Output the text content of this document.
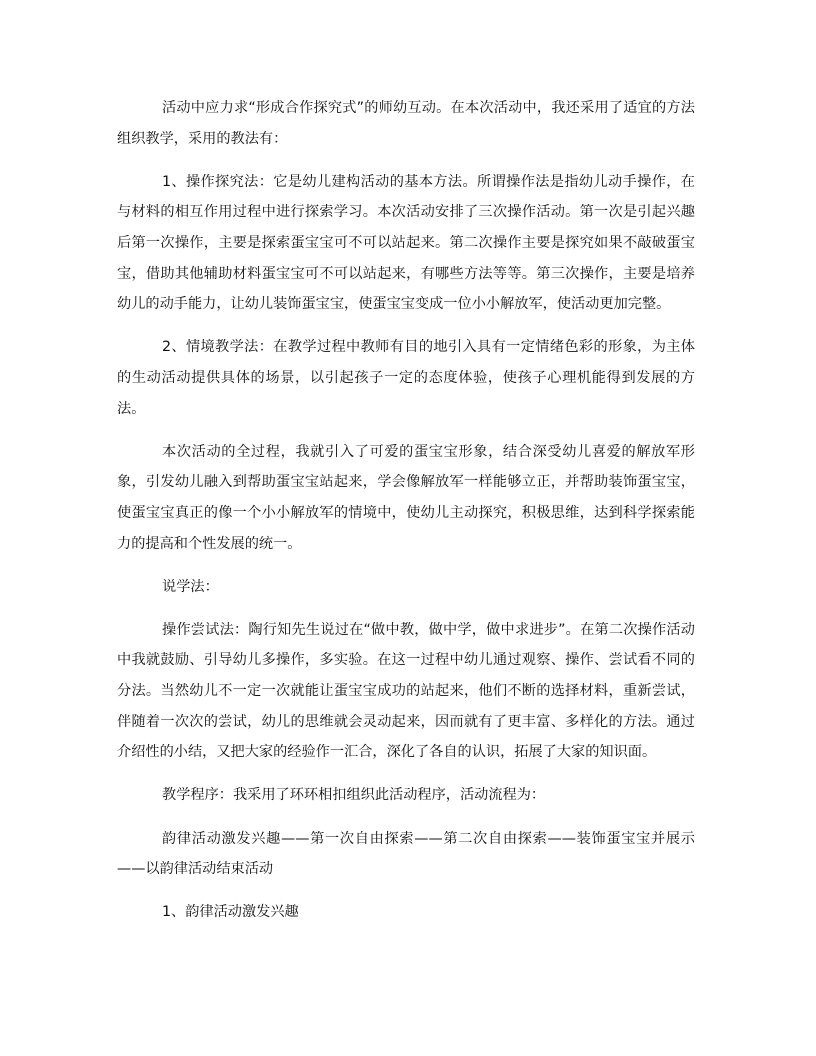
活动中应力求“形成合作探究式”的师幼互动。在本次活动中，我还采用了适宜的方法组织教学，采用的教法有：

1、操作探究法：它是幼儿建构活动的基本方法。所谓操作法是指幼儿动手操作，在与材料的相互作用过程中进行探索学习。本次活动安排了三次操作活动。第一次是引起兴趣后第一次操作，主要是探索蛋宝宝可不可以站起来。第二次操作主要是探究如果不敲破蛋宝宝，借助其他辅助材料蛋宝宝可不可以站起来，有哪些方法等等。第三次操作，主要是培养幼儿的动手能力，让幼儿装饰蛋宝宝，使蛋宝宝变成一位小小解放军，使活动更加完整。

2、情境教学法：在教学过程中教师有目的地引入具有一定情绪色彩的形象，为主体的生动活动提供具体的场景，以引起孩子一定的态度体验，使孩子心理机能得到发展的方法。

本次活动的全过程，我就引入了可爱的蛋宝宝形象，结合深受幼儿喜爱的解放军形象，引发幼儿融入到帮助蛋宝宝站起来，学会像解放军一样能够立正，并帮助装饰蛋宝宝，使蛋宝宝真正的像一个小小解放军的情境中，使幼儿主动探究，积极思维，达到科学探索能力的提高和个性发展的统一。

说学法：

操作尝试法：陶行知先生说过在“做中教，做中学，做中求进步”。在第二次操作活动中我就鼓励、引导幼儿多操作，多实验。在这一过程中幼儿通过观察、操作、尝试看不同的分法。当然幼儿不一定一次就能让蛋宝宝成功的站起来，他们不断的选择材料，重新尝试，伴随着一次次的尝试，幼儿的思维就会灵动起来，因而就有了更丰富、多样化的方法。通过介绍性的小结，又把大家的经验作一汇合，深化了各自的认识，拓展了大家的知识面。

教学程序：我采用了环环相扣组织此活动程序，活动流程为：

韵律活动激发兴趣——第一次自由探索——第二次自由探索——装饰蛋宝宝并展示——以韵律活动结束活动

1、韵律活动激发兴趣
